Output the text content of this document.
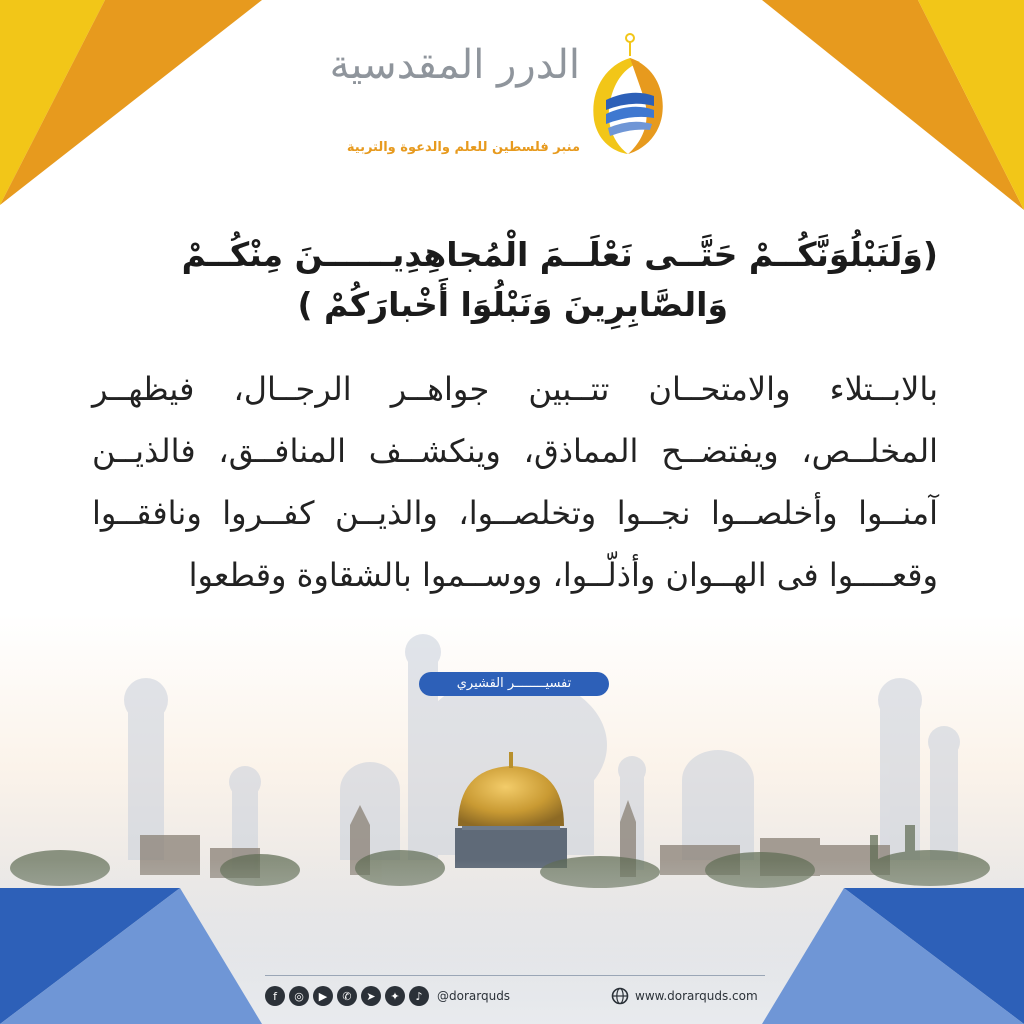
الدرر المقدسية
منبر فلسطين للعلم والدعوة والتربية
(وَلَنَبْلُوَنَّكُــمْ حَتَّــى نَعْلَــمَ الْمُجاهِدِيــــــنَ مِنْكُــمْ
وَالصَّابِرِينَ وَنَبْلُوَا أَخْبارَكُمْ )
بالابــتلاء والامتحــان تتــبين جواهــر الرجــال، فيظهــر المخلــص، ويفتضــح المماذق، وينكشــف المنافــق، فالذيــن آمنــوا وأخلصــوا نجــوا وتخلصــوا، والذيــن كفــروا ونافقــوا وقعــــوا فى الهــوان وأذلّــوا، ووســموا بالشقاوة وقطعوا
تفسيــــــــر القشيري
f	◎	▶	✆	➤	✦	♪	@dorarquds	www.dorarquds.com
